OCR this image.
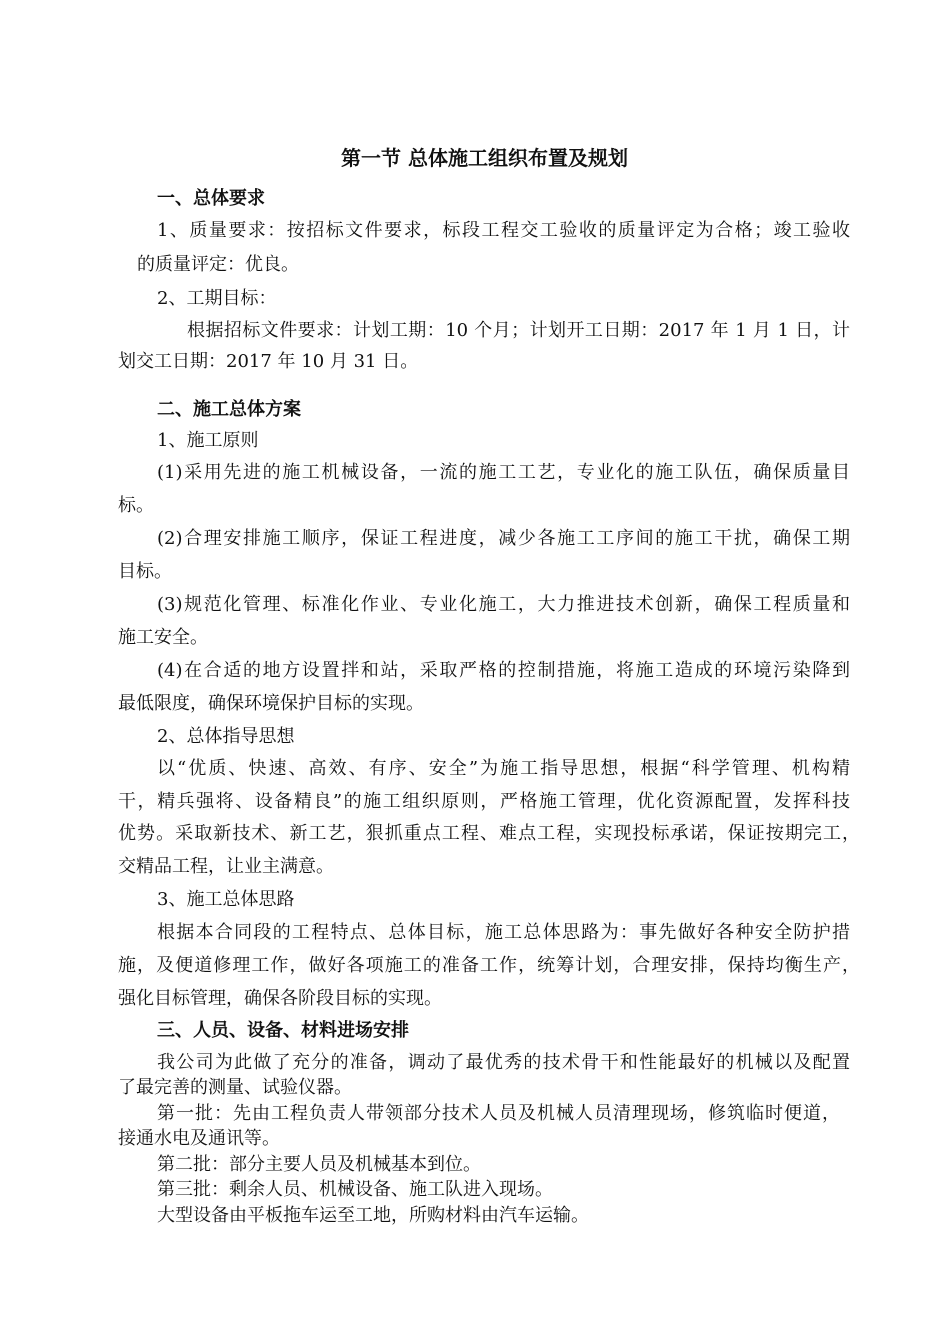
第一节 总体施工组织布置及规划
一、总体要求
1、质量要求：按招标文件要求，标段工程交工验收的质量评定为合格；竣工验收
的质量评定：优良。
2、工期目标：
根据招标文件要求：计划工期：10 个月；计划开工日期：2017 年 1 月 1 日，计
划交工日期：2017 年 10 月 31 日。
二、施工总体方案
1、施工原则
(1)采用先进的施工机械设备，一流的施工工艺，专业化的施工队伍，确保质量目
标。
(2)合理安排施工顺序，保证工程进度，减少各施工工序间的施工干扰，确保工期
目标。
(3)规范化管理、标准化作业、专业化施工，大力推进技术创新，确保工程质量和
施工安全。
(4)在合适的地方设置拌和站，采取严格的控制措施，将施工造成的环境污染降到
最低限度，确保环境保护目标的实现。
2、总体指导思想
以“优质、快速、高效、有序、安全”为施工指导思想，根据“科学管理、机构精
干，精兵强将、设备精良”的施工组织原则，严格施工管理，优化资源配置，发挥科技
优势。采取新技术、新工艺，狠抓重点工程、难点工程，实现投标承诺，保证按期完工，
交精品工程，让业主满意。
3、施工总体思路
根据本合同段的工程特点、总体目标，施工总体思路为：事先做好各种安全防护措
施，及便道修理工作，做好各项施工的准备工作，统筹计划，合理安排，保持均衡生产，
强化目标管理，确保各阶段目标的实现。
三、人员、设备、材料进场安排
我公司为此做了充分的准备，调动了最优秀的技术骨干和性能最好的机械以及配置
了最完善的测量、试验仪器。
第一批：先由工程负责人带领部分技术人员及机械人员清理现场，修筑临时便道，
接通水电及通讯等。
第二批：部分主要人员及机械基本到位。
第三批：剩余人员、机械设备、施工队进入现场。
大型设备由平板拖车运至工地，所购材料由汽车运输。
